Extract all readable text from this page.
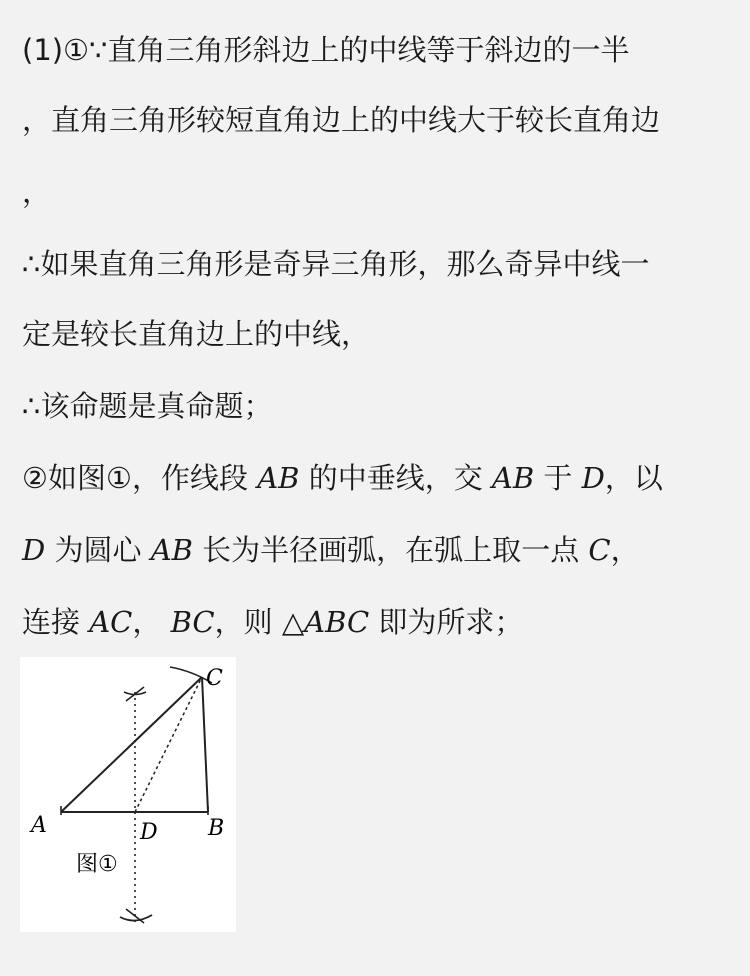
(1)①∵直角三角形斜边上的中线等于斜边的一半
，直角三角形较短直角边上的中线大于较长直角边
，
∴如果直角三角形是奇异三角形，那么奇异中线一
定是较长直角边上的中线，
∴该命题是真命题；
②如图①，作线段 AB 的中垂线，交 AB 于 D，以
D 为圆心 AB 长为半径画弧，在弧上取一点 C，
连接 AC， BC，则 △ABC 即为所求；
C
A	B
D
图①
